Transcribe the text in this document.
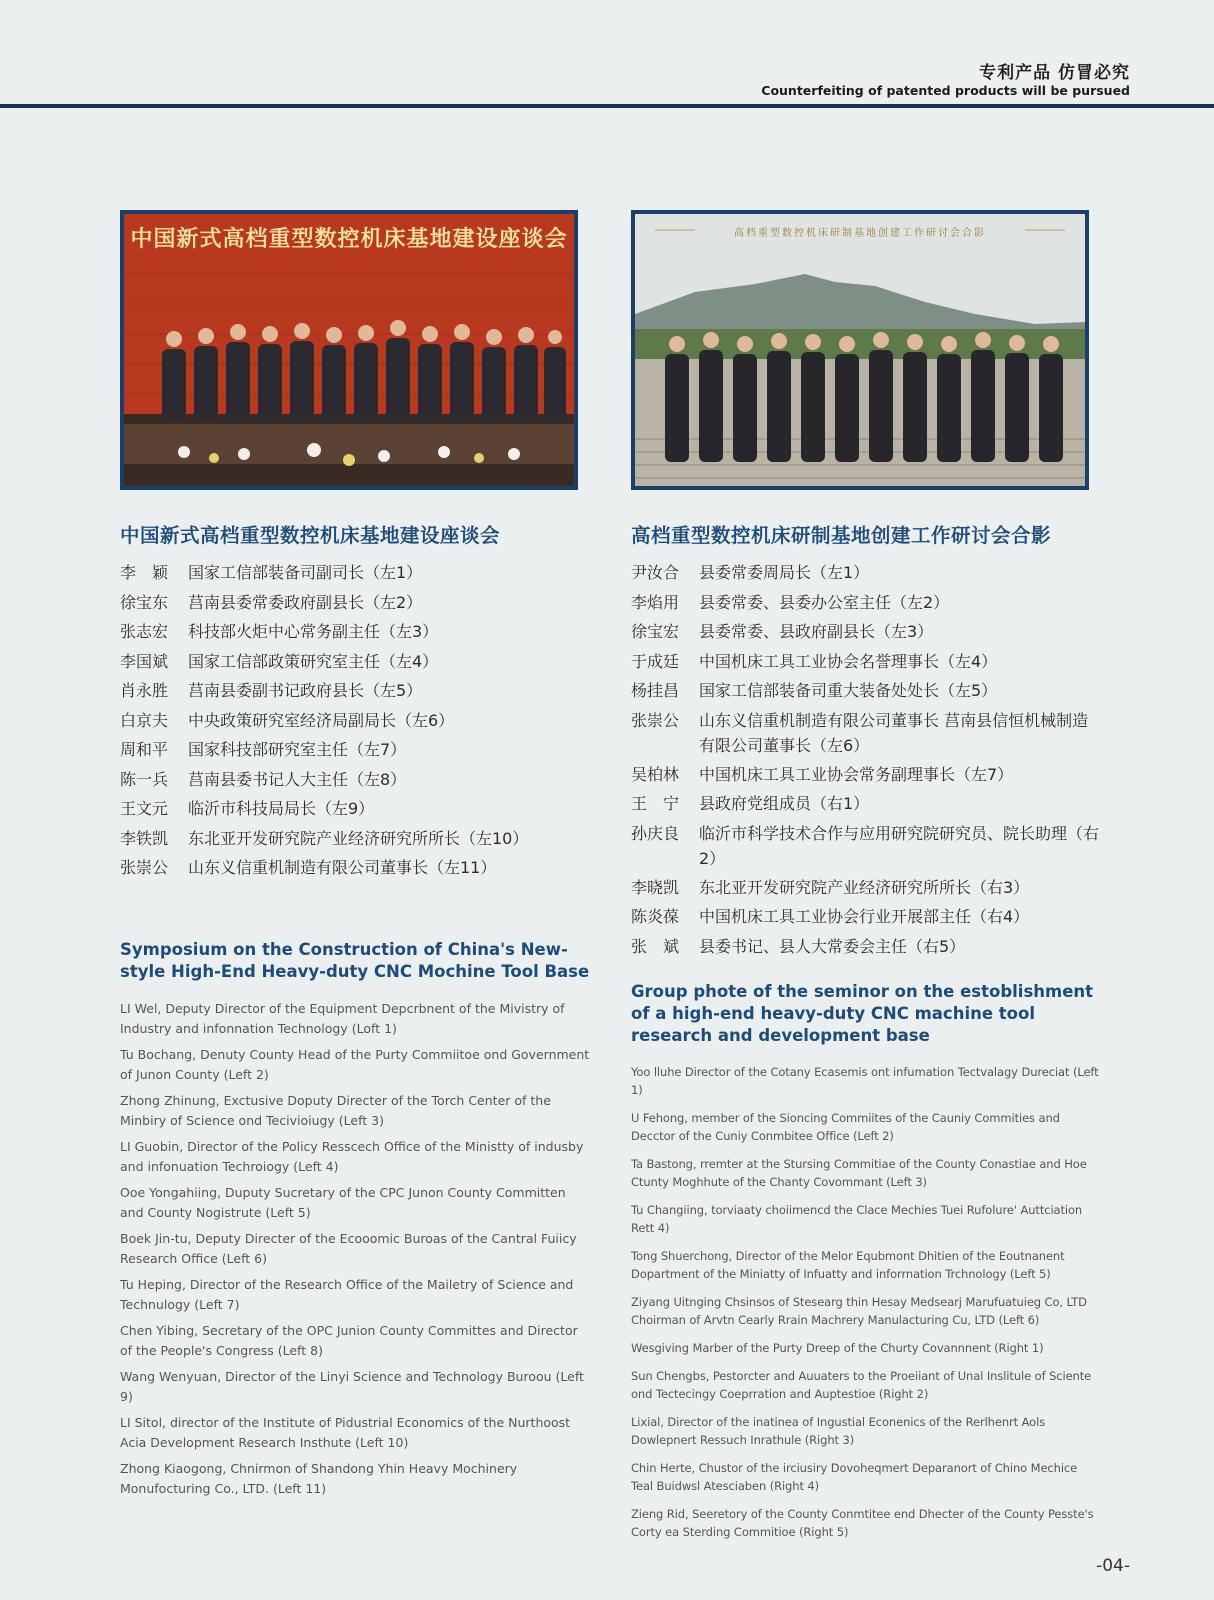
专利产品 仿冒必究
Counterfeiting of patented products will be pursued
中国新式高档重型数控机床基地建设座谈会
中国新式高档重型数控机床基地建设座谈会
李　颖	国家工信部装备司副司长（左1）
徐宝东	莒南县委常委政府副县长（左2）
张志宏	科技部火炬中心常务副主任（左3）
李国斌	国家工信部政策研究室主任（左4）
肖永胜	莒南县委副书记政府县长（左5）
白京夫	中央政策研究室经济局副局长（左6）
周和平	国家科技部研究室主任（左7）
陈一兵	莒南县委书记人大主任（左8）
王文元	临沂市科技局局长（左9）
李铁凯	东北亚开发研究院产业经济研究所所长（左10）
张崇公	山东义信重机制造有限公司董事长（左11）
Symposium on the Construction of China's New-style High-End Heavy-duty CNC Mochine Tool Base
LI Wel, Deputy Director of the Equipment Depcrbnent of the Mivistry of Industry and infonnation Technology (Loft 1)
Tu Bochang, Denuty County Head of the Purty Commiitoe ond Government of Junon County (Left 2)
Zhong Zhinung, Exctusive Doputy Directer of the Torch Center of the Minbiry of Science ond Tecivioiugy (Left 3)
LI Guobin, Director of the Policy Resscech Office of the Ministty of indusby and infonuation Techroiogy (Left 4)
Ooe Yongahiing, Duputy Sucretary of the CPC Junon County Committen and County Nogistrute (Left 5)
Boek Jin-tu, Deputy Directer of the Ecooomic Buroas of the Cantral Fuiicy Research Office (Left 6)
Tu Heping, Director of the Research Office of the Mailetry of Science and Technulogy (Left 7)
Chen Yibing, Secretary of the OPC Junion County Committes and Director of the People's Congress (Left 8)
Wang Wenyuan, Director of the Linyi Science and Technology Buroou (Left 9)
LI Sitol, director of the Institute of Pidustrial Economics of the Nurthoost Acia Development Research Insthute (Left 10)
Zhong Kiaogong, Chnirmon of Shandong Yhin Heavy Mochinery Monufocturing Co., LTD. (Left 11)
高档重型数控机床研制基地创建工作研讨会合影
高档重型数控机床研制基地创建工作研讨会合影
尹汝合	县委常委周局长（左1）
李焰用	县委常委、县委办公室主任（左2）
徐宝宏	县委常委、县政府副县长（左3）
于成廷	中国机床工具工业协会名誉理事长（左4）
杨挂昌	国家工信部装备司重大装备处处长（左5）
张崇公	山东义信重机制造有限公司董事长 莒南县信恒机械制造有限公司董事长（左6）
吴柏林	中国机床工具工业协会常务副理事长（左7）
王　宁	县政府党组成员（右1）
孙庆良	临沂市科学技术合作与应用研究院研究员、院长助理（右2）
李晓凯	东北亚开发研究院产业经济研究所所长（右3）
陈炎葆	中国机床工具工业协会行业开展部主任（右4）
张　斌	县委书记、县人大常委会主任（右5）
Group phote of the seminor on the estoblishment of a high-end heavy-duty CNC machine tool research and development base
Yoo lluhe Director of the Cotany Ecasemis ont infumation Tectvalagy Dureciat (Left 1)
U Fehong, member of the Sioncing Commiites of the Cauniy Commities and Decctor of the Cuniy Conmbitee Office (Left 2)
Ta Bastong, rremter at the Stursing Commitiae of the County Conastiae and Hoe Ctunty Moghhute of the Chanty Covommant (Left 3)
Tu Changiing, torviaaty choiimencd the Clace Mechies Tuei Rufolure' Auttciation Rett 4)
Tong Shuerchong, Director of the Melor Equbmont Dhitien of the Eoutnanent Dopartment of the Miniatty of Infuatty and inforrnation Trchnology (Left 5)
Ziyang Uitnging Chsinsos of Stesearg thin Hesay Medsearj Marufuatuieg Co, LTD Choirman of Arvtn Cearly Rrain Machrery Manulacturing Cu, LTD (Left 6)
Wesgiving Marber of the Purty Dreep of the Churty Covannnent (Right 1)
Sun Chengbs, Pestorcter and Auuaters to the Proeiiant of Unal Inslitule of Sciente ond Tectecingy Coeprration and Auptestioe (Right 2)
Lixial, Director of the inatinea of Ingustial Econenics of the Rerlhenrt Aols Dowlepnert Ressuch Inrathule (Right 3)
Chin Herte, Chustor of the irciusiry Dovoheqmert Deparanort of Chino Mechice Teal Buidwsl Atesciaben (Right 4)
Zieng Rid, Seeretory of the County Conmtitee end Dhecter of the County Pesste's Corty ea Sterding Commitioe (Right 5)
-04-
